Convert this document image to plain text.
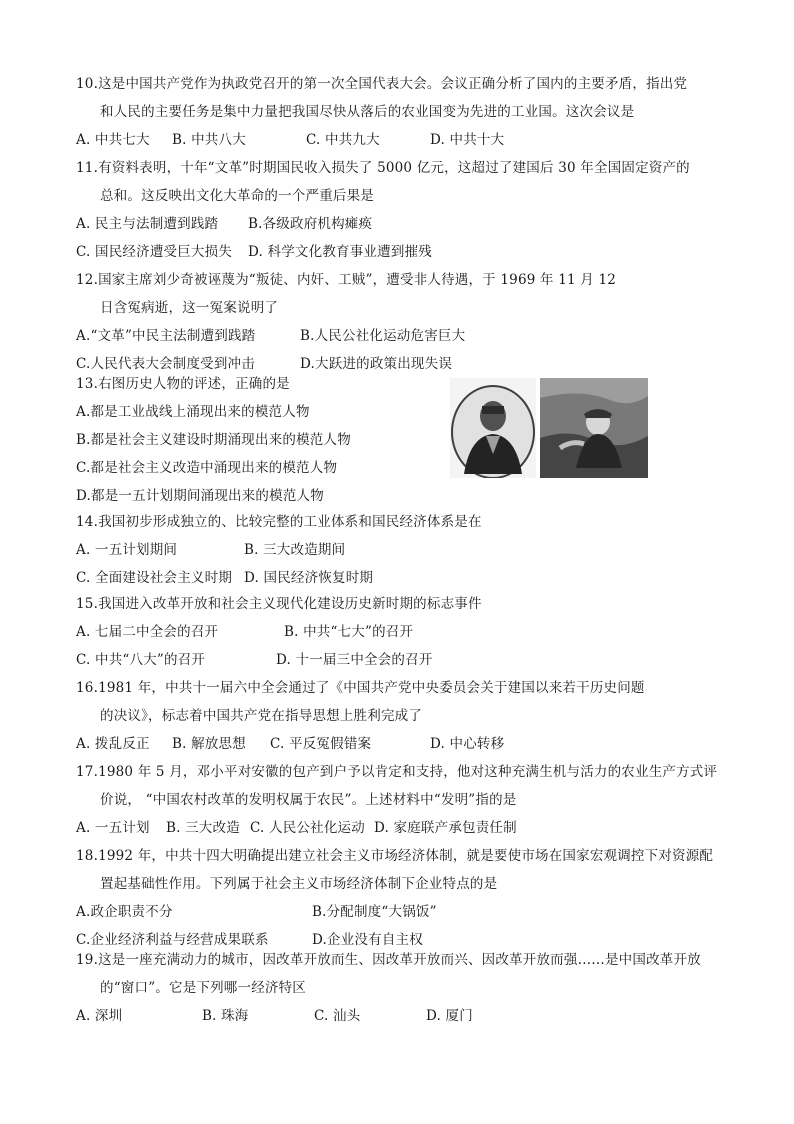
10.这是中国共产党作为执政党召开的第一次全国代表大会。会议正确分析了国内的主要矛盾，指出党
和人民的主要任务是集中力量把我国尽快从落后的农业国变为先进的工业国。这次会议是
A. 中共七大	B. 中共八大	C. 中共九大	D. 中共十大
11.有资料表明，十年“文革”时期国民收入损失了 5000 亿元，这超过了建国后 30 年全国固定资产的
总和。这反映出文化大革命的一个严重后果是
A. 民主与法制遭到践踏	B.各级政府机构瘫痪
C. 国民经济遭受巨大损失	D. 科学文化教育事业遭到摧残
12.国家主席刘少奇被诬蔑为“叛徒、内奸、工贼”，遭受非人待遇，于 1969 年 11 月 12
日含冤病逝，这一冤案说明了
A.“文革”中民主法制遭到践踏	B.人民公社化运动危害巨大
C.人民代表大会制度受到冲击	D.大跃进的政策出现失误
13.右图历史人物的评述，正确的是
A.都是工业战线上涌现出来的模范人物
B.都是社会主义建设时期涌现出来的模范人物
C.都是社会主义改造中涌现出来的模范人物
D.都是一五计划期间涌现出来的模范人物
14.我国初步形成独立的、比较完整的工业体系和国民经济体系是在
A. 一五计划期间	B. 三大改造期间
C. 全面建设社会主义时期 D. 国民经济恢复时期
15.我国进入改革开放和社会主义现代化建设历史新时期的标志事件
A. 七届二中全会的召开	B. 中共“七大”的召开
C. 中共“八大”的召开	D. 十一届三中全会的召开
16.1981 年，中共十一届六中全会通过了《中国共产党中央委员会关于建国以来若干历史问题
的决议》，标志着中国共产党在指导思想上胜利完成了
A. 拨乱反正	B. 解放思想	C. 平反冤假错案	D. 中心转移
17.1980 年 5 月，邓小平对安徽的包产到户予以肯定和支持，他对这种充满生机与活力的农业生产方式评
价说， “中国农村改革的发明权属于农民”。上述材料中“发明”指的是
A. 一五计划	B. 三大改造 C. 人民公社化运动 D. 家庭联产承包责任制
18.1992 年，中共十四大明确提出建立社会主义市场经济体制，就是要使市场在国家宏观调控下对资源配
置起基础性作用。下列属于社会主义市场经济体制下企业特点的是
A.政企职责不分	B.分配制度“大锅饭”
C.企业经济利益与经营成果联系	D.企业没有自主权
19.这是一座充满动力的城市，因改革开放而生、因改革开放而兴、因改革开放而强……是中国改革开放
的“窗口”。它是下列哪一经济特区
A. 深圳	B. 珠海	C. 汕头	D. 厦门
